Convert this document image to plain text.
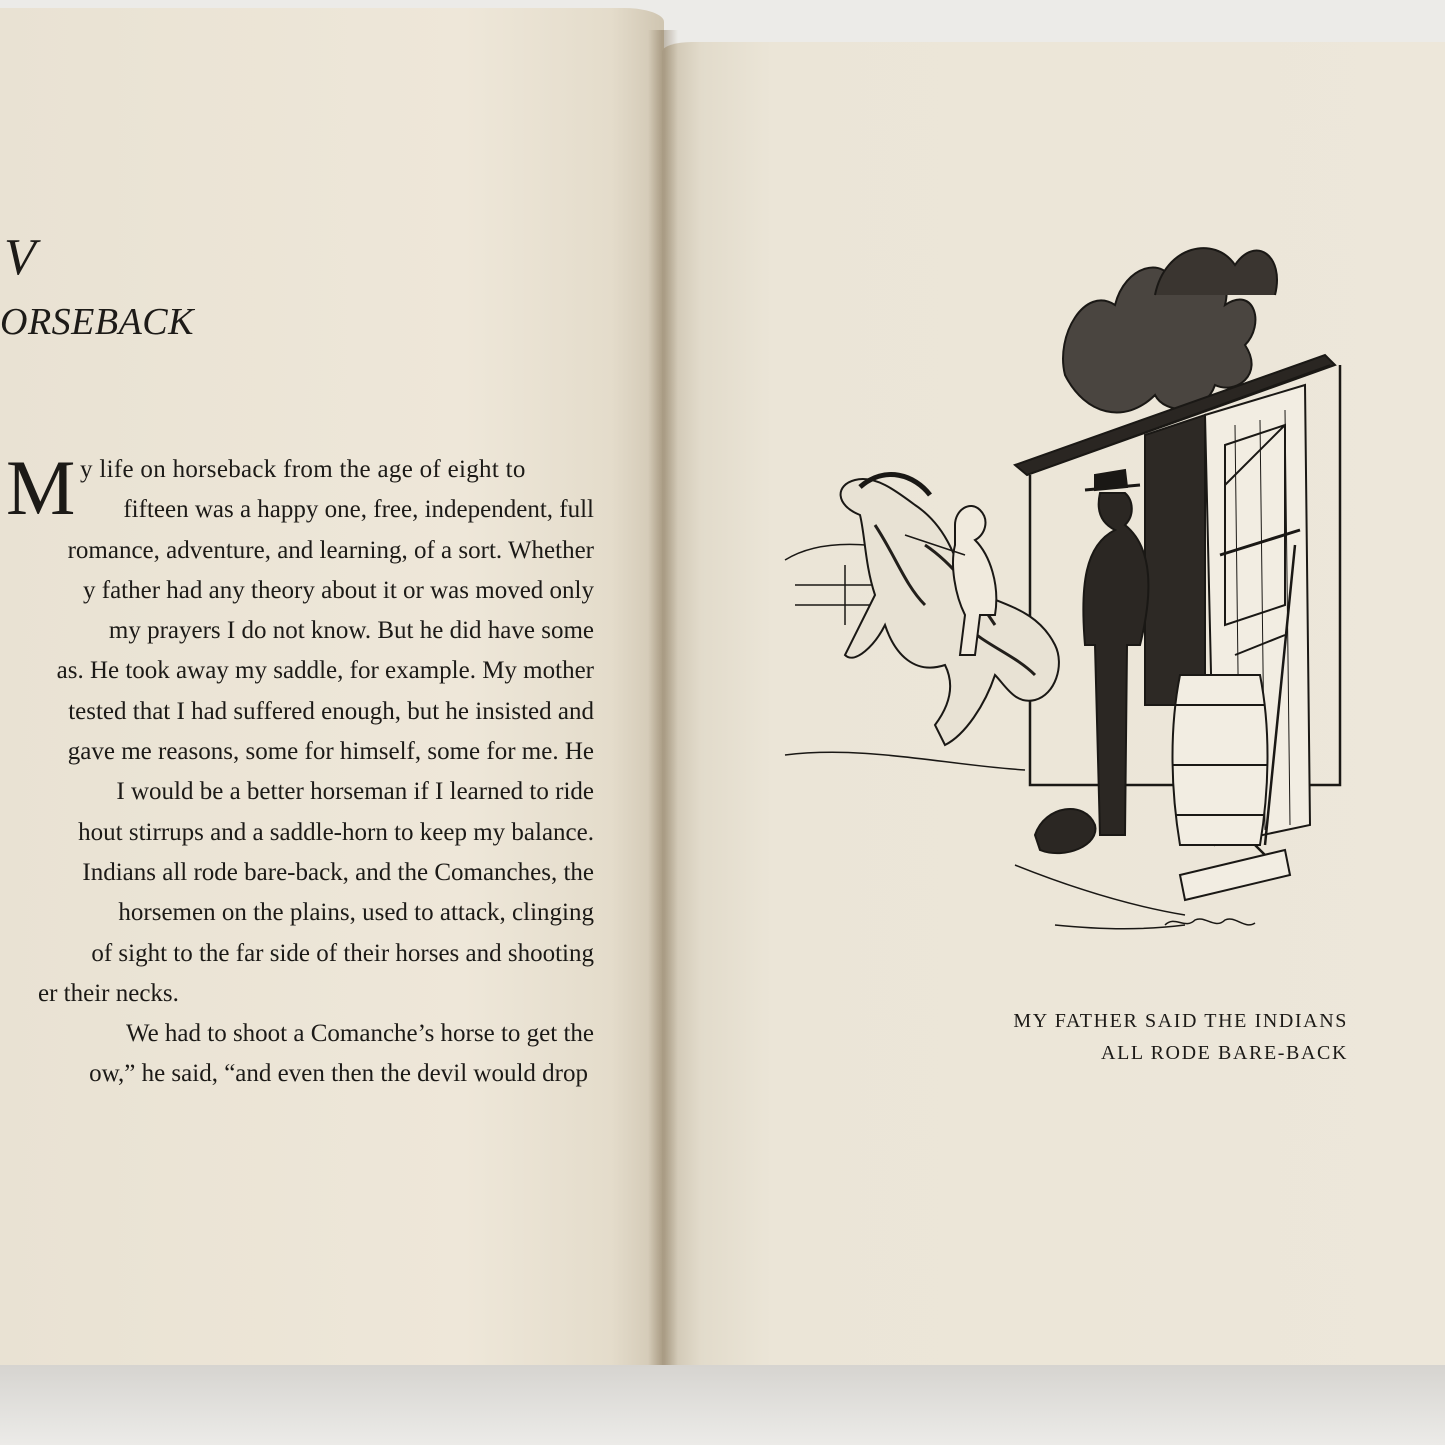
V
ORSEBACK
M y life on horseback from the age of eight to
fifteen was a happy one, free, independent, full
romance, adventure, and learning, of a sort. Whether
y father had any theory about it or was moved only
my prayers I do not know. But he did have some
as. He took away my saddle, for example. My mother
tested that I had suffered enough, but he insisted and
gave me reasons, some for himself, some for me. He
I would be a better horseman if I learned to ride
hout stirrups and a saddle-horn to keep my balance.
Indians all rode bare-back, and the Comanches, the
horsemen on the plains, used to attack, clinging
of sight to the far side of their horses and shooting
er their necks.
We had to shoot a Comanche’s horse to get the
ow,” he said, “and even then the devil would drop
MY FATHER SAID THE INDIANS
ALL RODE BARE-BACK
